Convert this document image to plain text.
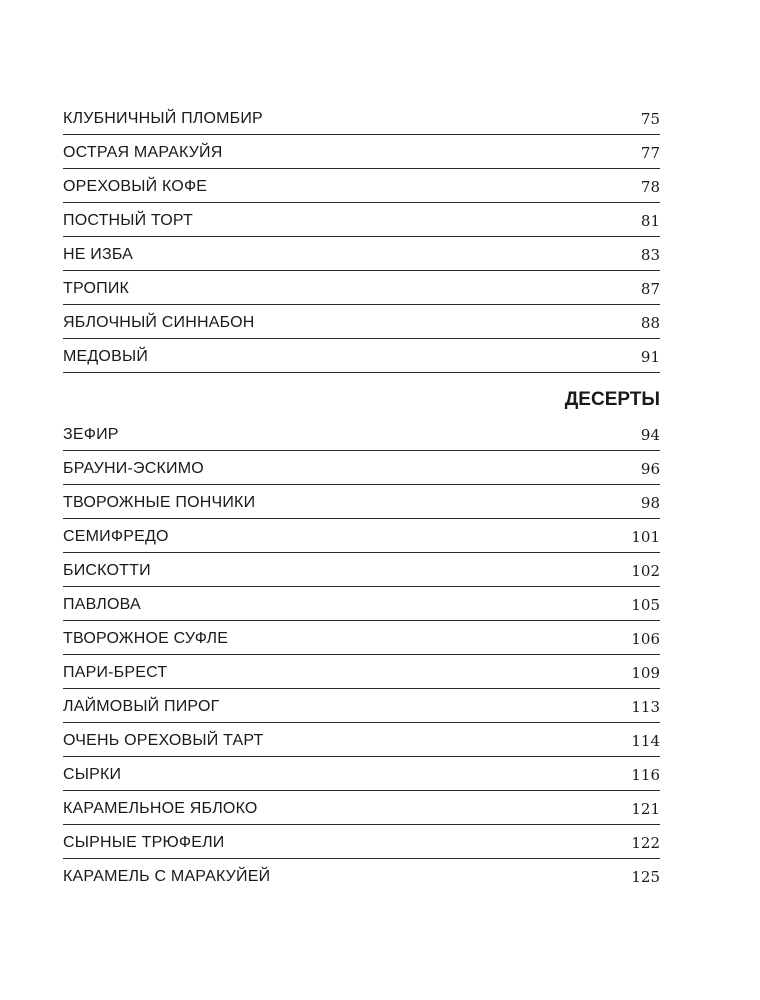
КЛУБНИЧНЫЙ ПЛОМБИР	75
ОСТРАЯ МАРАКУЙЯ	77
ОРЕХОВЫЙ КОФЕ	78
ПОСТНЫЙ ТОРТ	81
НЕ ИЗБА	83
ТРОПИК	87
ЯБЛОЧНЫЙ СИННАБОН	88
МЕДОВЫЙ	91
ДЕСЕРТЫ
ЗЕФИР	94
БРАУНИ-ЭСКИМО	96
ТВОРОЖНЫЕ ПОНЧИКИ	98
СЕМИФРЕДО	101
БИСКОТТИ	102
ПАВЛОВА	105
ТВОРОЖНОЕ СУФЛЕ	106
ПАРИ-БРЕСТ	109
ЛАЙМОВЫЙ ПИРОГ	113
ОЧЕНЬ ОРЕХОВЫЙ ТАРТ	114
СЫРКИ	116
КАРАМЕЛЬНОЕ ЯБЛОКО	121
СЫРНЫЕ ТРЮФЕЛИ	122
КАРАМЕЛЬ С МАРАКУЙЕЙ	125
